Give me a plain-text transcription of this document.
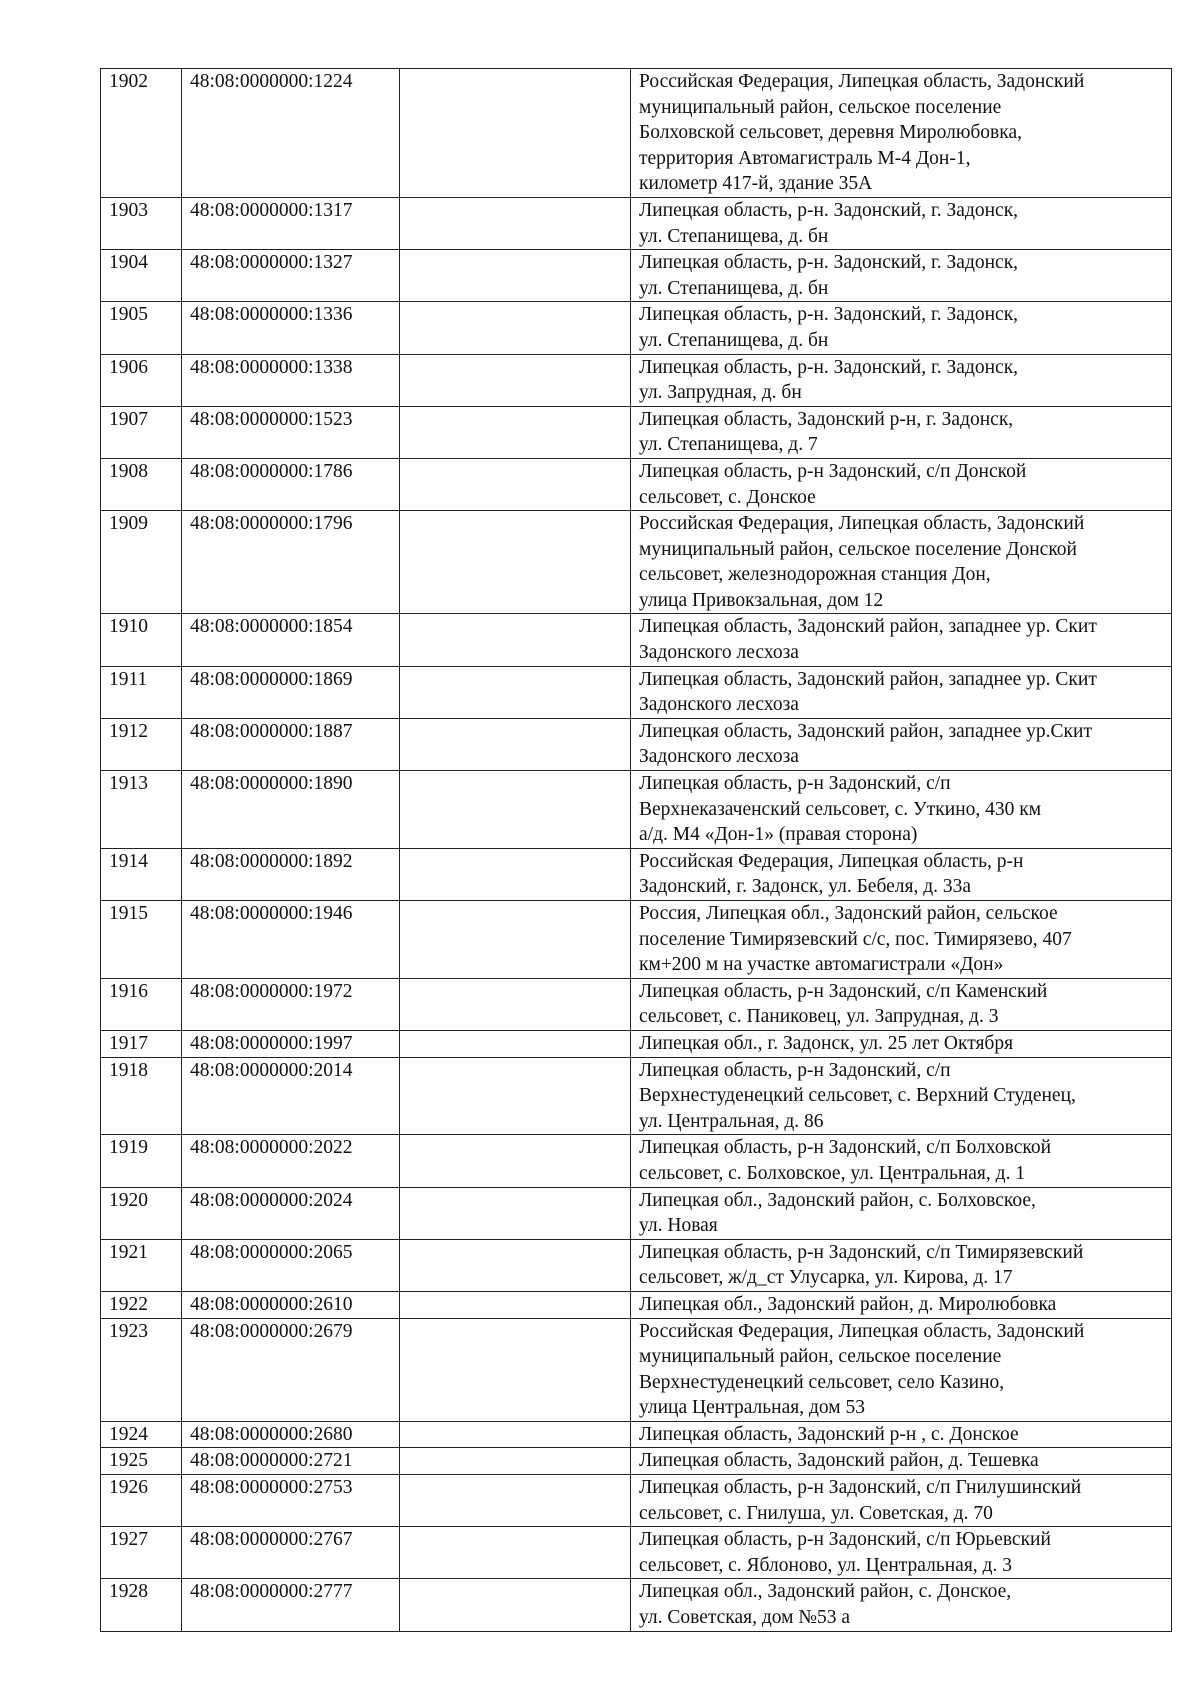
1902	48:08:0000000:1224		Российская Федерация, Липецкая область, Задонский
муниципальный район, сельское поселение
Болховской сельсовет, деревня Миролюбовка,
территория Автомагистраль М-4 Дон-1,
километр 417-й, здание 35А

1903	48:08:0000000:1317		Липецкая область, р-н. Задонский, г. Задонск,
ул. Степанищева, д. бн

1904	48:08:0000000:1327		Липецкая область, р-н. Задонский, г. Задонск,
ул. Степанищева, д. бн

1905	48:08:0000000:1336		Липецкая область, р-н. Задонский, г. Задонск,
ул. Степанищева, д. бн

1906	48:08:0000000:1338		Липецкая область, р-н. Задонский, г. Задонск,
ул. Запрудная, д. бн

1907	48:08:0000000:1523		Липецкая область, Задонский р-н, г. Задонск,
ул. Степанищева, д. 7

1908	48:08:0000000:1786		Липецкая область, р-н Задонский, с/п Донской
сельсовет, с. Донское

1909	48:08:0000000:1796		Российская Федерация, Липецкая область, Задонский
муниципальный район, сельское поселение Донской
сельсовет, железнодорожная станция Дон,
улица Привокзальная, дом 12

1910	48:08:0000000:1854		Липецкая область, Задонский район, западнее ур. Скит
Задонского лесхоза

1911	48:08:0000000:1869		Липецкая область, Задонский район, западнее ур. Скит
Задонского лесхоза

1912	48:08:0000000:1887		Липецкая область, Задонский район, западнее ур.Скит
Задонского лесхоза

1913	48:08:0000000:1890		Липецкая область, р-н Задонский, с/п
Верхнеказаченский сельсовет, с. Уткино, 430 км
а/д. М4 «Дон-1» (правая сторона)

1914	48:08:0000000:1892		Российская Федерация, Липецкая область, р-н
Задонский, г. Задонск, ул. Бебеля, д. 33а

1915	48:08:0000000:1946		Россия, Липецкая обл., Задонский район, сельское
поселение Тимирязевский с/с, пос. Тимирязево, 407
км+200 м на участке автомагистрали «Дон»

1916	48:08:0000000:1972		Липецкая область, р-н Задонский, с/п Каменский
сельсовет, с. Паниковец, ул. Запрудная, д. 3

1917	48:08:0000000:1997		Липецкая обл., г. Задонск, ул. 25 лет Октября

1918	48:08:0000000:2014		Липецкая область, р-н Задонский, с/п
Верхнестуденецкий сельсовет, с. Верхний Студенец,
ул. Центральная, д. 86

1919	48:08:0000000:2022		Липецкая область, р-н Задонский, с/п Болховской
сельсовет, с. Болховское, ул. Центральная, д. 1

1920	48:08:0000000:2024		Липецкая обл., Задонский район, с. Болховское,
ул. Новая

1921	48:08:0000000:2065		Липецкая область, р-н Задонский, с/п Тимирязевский
сельсовет, ж/д_ст Улусарка, ул. Кирова, д. 17

1922	48:08:0000000:2610		Липецкая обл., Задонский район, д. Миролюбовка

1923	48:08:0000000:2679		Российская Федерация, Липецкая область, Задонский
муниципальный район, сельское поселение
Верхнестуденецкий сельсовет, село Казино,
улица Центральная, дом 53

1924	48:08:0000000:2680		Липецкая область, Задонский р-н , с. Донское

1925	48:08:0000000:2721		Липецкая область, Задонский район, д. Тешевка

1926	48:08:0000000:2753		Липецкая область, р-н Задонский, с/п Гнилушинский
сельсовет, с. Гнилуша, ул. Советская, д. 70

1927	48:08:0000000:2767		Липецкая область, р-н Задонский, с/п Юрьевский
сельсовет, с. Яблоново, ул. Центральная, д. 3

1928	48:08:0000000:2777		Липецкая обл., Задонский район, с. Донское,
ул. Советская, дом №53 а
